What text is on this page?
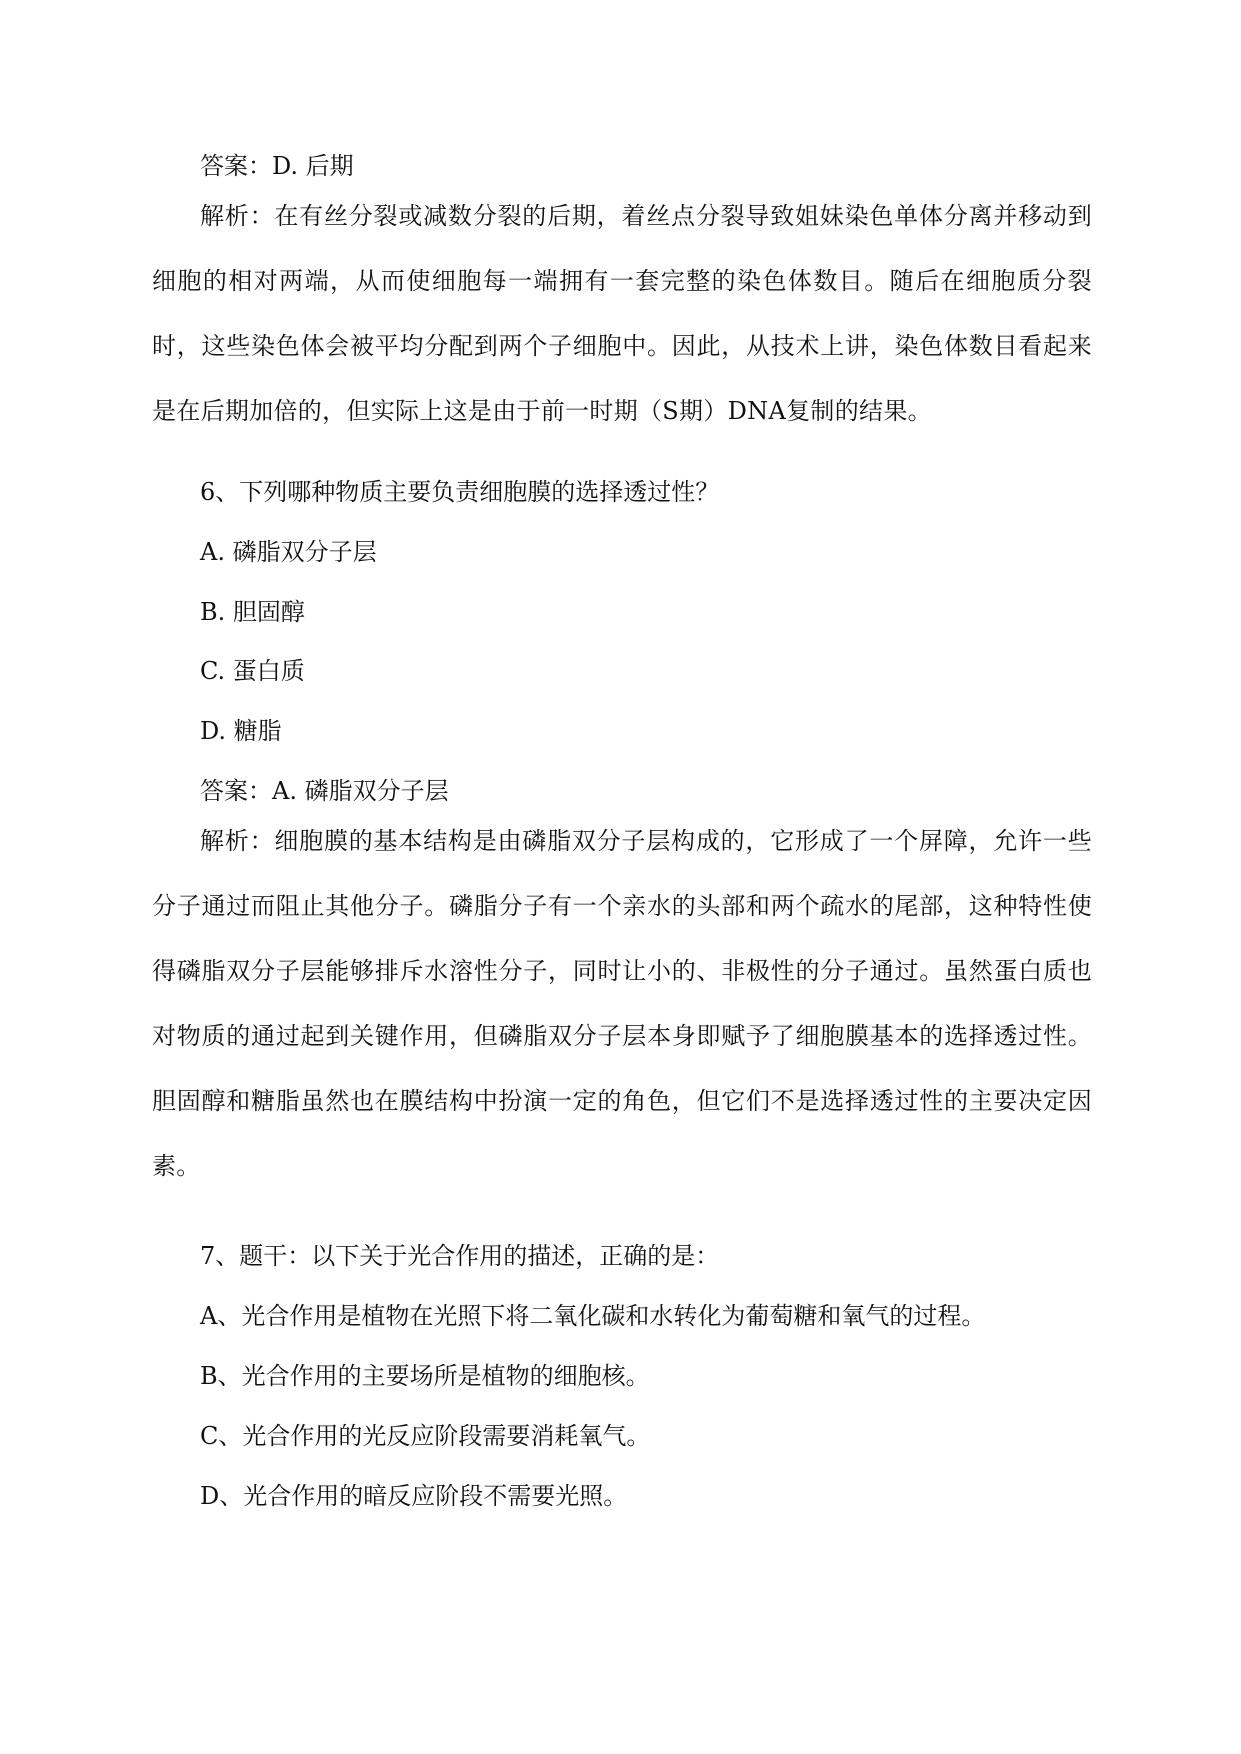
答案：D. 后期
解析：在有丝分裂或减数分裂的后期，着丝点分裂导致姐妹染色单体分离并移动到细胞的相对两端，从而使细胞每一端拥有一套完整的染色体数目。随后在细胞质分裂时，这些染色体会被平均分配到两个子细胞中。因此，从技术上讲，染色体数目看起来是在后期加倍的，但实际上这是由于前一时期（S期）DNA复制的结果。
6、下列哪种物质主要负责细胞膜的选择透过性？
A. 磷脂双分子层
B. 胆固醇
C. 蛋白质
D. 糖脂
答案：A. 磷脂双分子层
解析：细胞膜的基本结构是由磷脂双分子层构成的，它形成了一个屏障，允许一些分子通过而阻止其他分子。磷脂分子有一个亲水的头部和两个疏水的尾部，这种特性使得磷脂双分子层能够排斥水溶性分子，同时让小的、非极性的分子通过。虽然蛋白质也对物质的通过起到关键作用，但磷脂双分子层本身即赋予了细胞膜基本的选择透过性。胆固醇和糖脂虽然也在膜结构中扮演一定的角色，但它们不是选择透过性的主要决定因素。
7、题干：以下关于光合作用的描述，正确的是：
A、光合作用是植物在光照下将二氧化碳和水转化为葡萄糖和氧气的过程。
B、光合作用的主要场所是植物的细胞核。
C、光合作用的光反应阶段需要消耗氧气。
D、光合作用的暗反应阶段不需要光照。
